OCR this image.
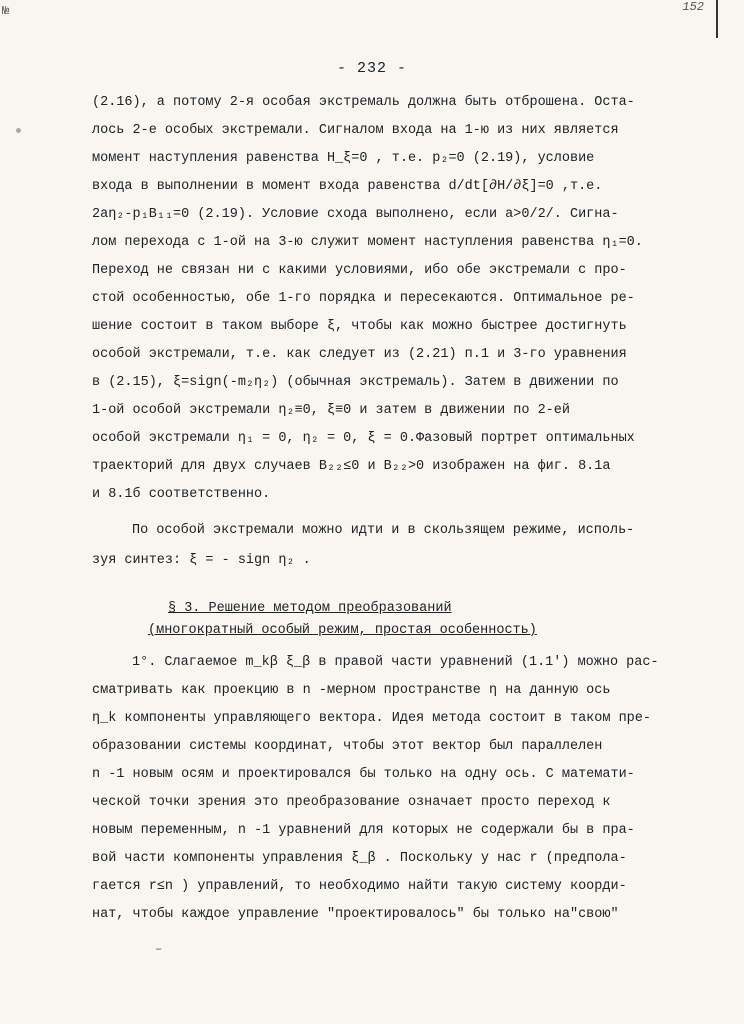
№	152
- 232 -
(2.16), а потому 2-я особая экстремаль должна быть отброшена. Оста-
лось 2-е особых экстремали. Сигналом входа на 1-ю из них является
момент наступления равенства H_ξ=0 , т.е. p₂=0 (2.19), условие
входа в выполнении в момент входа равенства d/dt[∂H/∂ξ]=0 ,т.е.
2aη₂-p₁B₁₁=0 (2.19). Условие схода выполнено, если a>0/2/. Сигна-
лом перехода с 1-ой на 3-ю служит момент наступления равенства η₁=0.
Переход не связан ни с какими условиями, ибо обе экстремали с про-
стой особенностью, обе 1-го порядка и пересекаются. Оптимальное ре-
шение состоит в таком выборе ξ, чтобы как можно быстрее достигнуть
особой экстремали, т.е. как следует из (2.21) п.1 и 3-го уравнения
в (2.15), ξ=sign(-m₂η₂) (обычная экстремаль). Затем в движении по
1-ой особой экстремали η₂≡0, ξ≡0 и затем в движении по 2-ей
особой экстремали η₁ = 0, η₂ = 0, ξ = 0.Фазовый портрет оптимальных
траекторий для двух случаев B₂₂≤0 и B₂₂>0 изображен на фиг. 8.1а
и 8.1б соответственно.
По особой экстремали можно идти и в скользящем режиме, исполь-
зуя синтез: ξ = - sign η₂ .
§ 3. Решение методом преобразований
(многократный особый режим, простая особенность)
1°. Слагаемое m_kβ ξ_β в правой части уравнений (1.1') можно рас-
сматривать как проекцию в n -мерном пространстве η на данную ось
η_k компоненты управляющего вектора. Идея метода состоит в таком пре-
образовании системы координат, чтобы этот вектор был параллелен
n -1 новым осям и проектировался бы только на одну ось. С математи-
ческой точки зрения это преобразование означает просто переход к
новым переменным, n -1 уравнений для которых не содержали бы в пра-
вой части компоненты управления ξ_β . Поскольку у нас r (предпола-
гается r≤n ) управлений, то необходимо найти такую систему коорди-
нат, чтобы каждое управление "проектировалось" бы только на"свою"
–
